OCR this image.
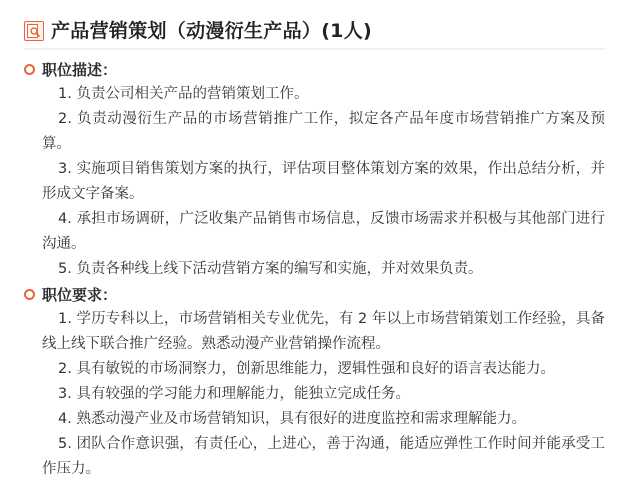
产品营销策划（动漫衍生产品）(1人)
职位描述：

1. 负责公司相关产品的营销策划工作。

2. 负责动漫衍生产品的市场营销推广工作，拟定各产品年度市场营销推广方案及预算。

3. 实施项目销售策划方案的执行，评估项目整体策划方案的效果，作出总结分析，并形成文字备案。

4. 承担市场调研，广泛收集产品销售市场信息，反馈市场需求并积极与其他部门进行沟通。

5. 负责各种线上线下活动营销方案的编写和实施，并对效果负责。

职位要求：

1. 学历专科以上，市场营销相关专业优先，有 2 年以上市场营销策划工作经验，具备线上线下联合推广经验。熟悉动漫产业营销操作流程。

2. 具有敏锐的市场洞察力，创新思维能力，逻辑性强和良好的语言表达能力。

3. 具有较强的学习能力和理解能力，能独立完成任务。

4. 熟悉动漫产业及市场营销知识，具有很好的进度监控和需求理解能力。

5. 团队合作意识强，有责任心，上进心，善于沟通，能适应弹性工作时间并能承受工作压力。
